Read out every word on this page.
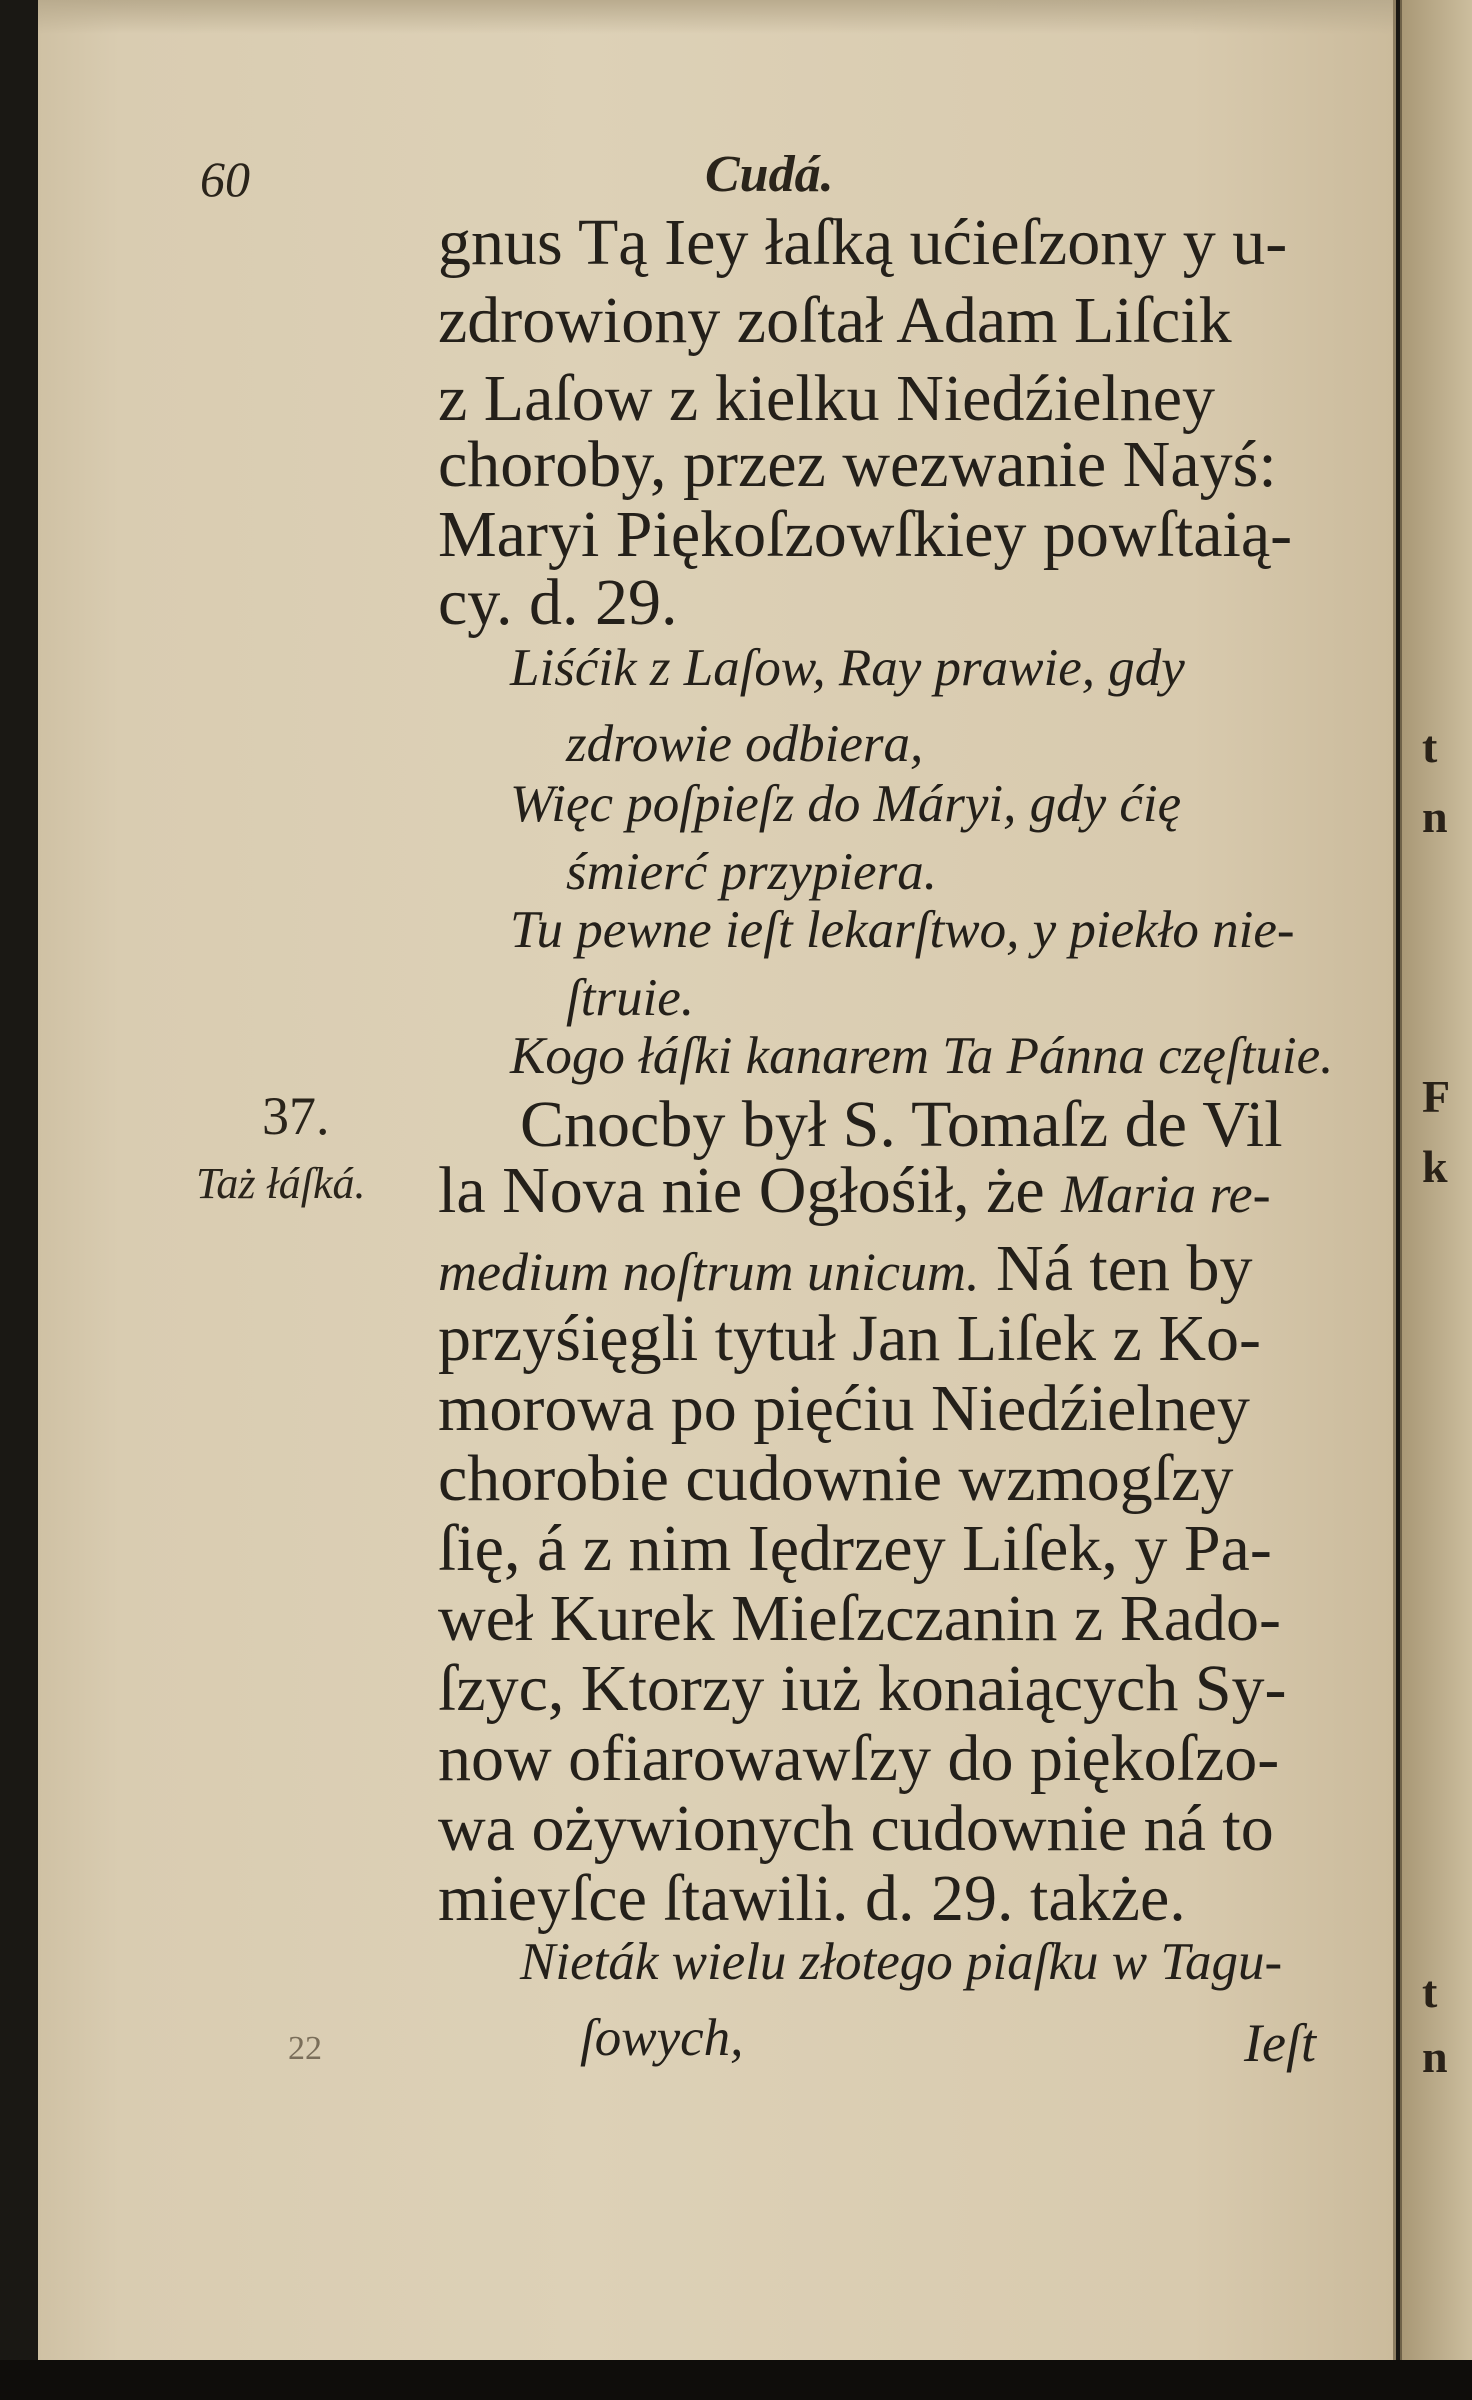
t
n
F
k
t
n
60	Cudá.
gnus Tą Iey łaſką ućieſzony y u-
zdrowiony zoſtał Adam Liſcik
z Laſow z kielku Niedźielney
choroby, przez wezwanie Nayś:
Maryi Piękoſzowſkiey powſtaią-
cy. d. 29.
Liśćik z Laſow, Ray prawie, gdy
zdrowie odbiera,
Więc poſpieſz do Máryi, gdy ćię
śmierć przypiera.
Tu pewne ieſt lekarſtwo, y piekło nie-
ſtruie.
Kogo łáſki kanarem Ta Pánna częſtuie.
37.
Taż łáſká.
Cnocby był S. Tomaſz de Vil
la Nova nie Ogłośił, że Maria re-
medium noſtrum unicum. Ná ten by
przyśięgli tytuł Jan Liſek z Ko-
morowa po pięćiu Niedźielney
chorobie cudownie wzmogſzy
ſię, á z nim Iędrzey Liſek, y Pa-
weł Kurek Mieſzczanin z Rado-
ſzyc, Ktorzy iuż konaiących Sy-
now ofiarowawſzy do piękoſzo-
wa ożywionych cudownie ná to
mieyſce ſtawili. d. 29. także.
Nieták wielu złotego piaſku w Tagu-
ſowych,	Ieſt
22
